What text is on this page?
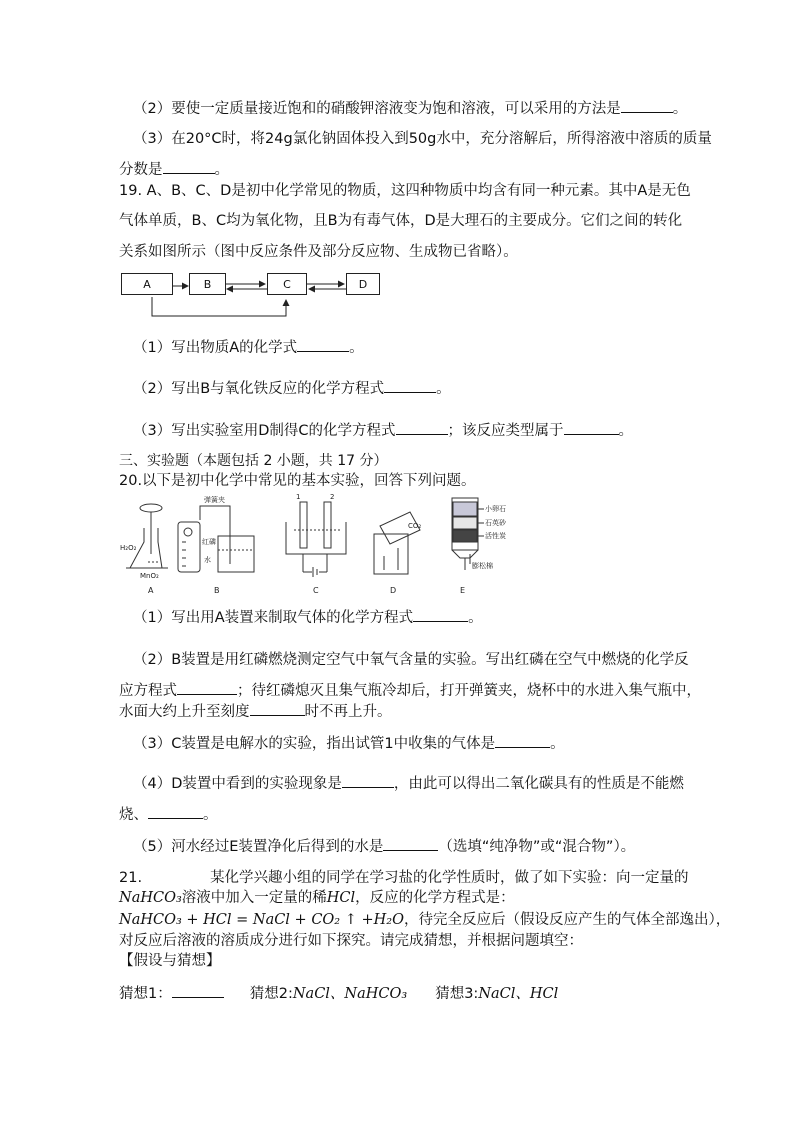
（2）要使一定质量接近饱和的硝酸钾溶液变为饱和溶液，可以采用的方法是	。
（3）在20°C时，将24g氯化钠固体投入到50g水中，充分溶解后，所得溶液中溶质的质量
分数是	。
19. A、B、C、D是初中化学常见的物质，这四种物质中均含有同一种元素。其中A是无色
气体单质，B、C均为氧化物，且B为有毒气体，D是大理石的主要成分。它们之间的转化
关系如图所示（图中反应条件及部分反应物、生成物已省略）。
A	B	C	D
（1）写出物质A的化学式	。
（2）写出B与氧化铁反应的化学方程式	。
（3）写出实验室用D制得C的化学方程式	；该反应类型属于	。
三、实验题（本题包括 2 小题，共 17 分）
20.以下是初中化学中常见的基本实验，回答下列问题。
H₂O₂
MnO₂
A
弹簧夹
红磷
水
B
1	2
C
CO₂
D
小卵石
石英砂
活性炭
膨松棉
E
（1）写出用A装置来制取气体的化学方程式	。
（2）B装置是用红磷燃烧测定空气中氧气含量的实验。写出红磷在空气中燃烧的化学反
应方程式	；待红磷熄灭且集气瓶冷却后，打开弹簧夹，烧杯中的水进入集气瓶中，
水面大约上升至刻度	时不再上升。
（3）C装置是电解水的实验，指出试管1中收集的气体是	。
（4）D装置中看到的实验现象是	，由此可以得出二氧化碳具有的性质是不能燃
烧、	。
（5）河水经过E装置净化后得到的水是	（选填“纯净物”或“混合物”）。
21.	某化学兴趣小组的同学在学习盐的化学性质时，做了如下实验：向一定量的
NaHCO₃溶液中加入一定量的稀HCl，反应的化学方程式是：
NaHCO₃ + HCl = NaCl + CO₂ ↑ +H₂O，待完全反应后（假设反应产生的气体全部逸出），
对反应后溶液的溶质成分进行如下探究。请完成猜想，并根据问题填空：
【假设与猜想】
猜想1：	猜想2:NaCl、NaHCO₃ 猜想3:NaCl、HCl
